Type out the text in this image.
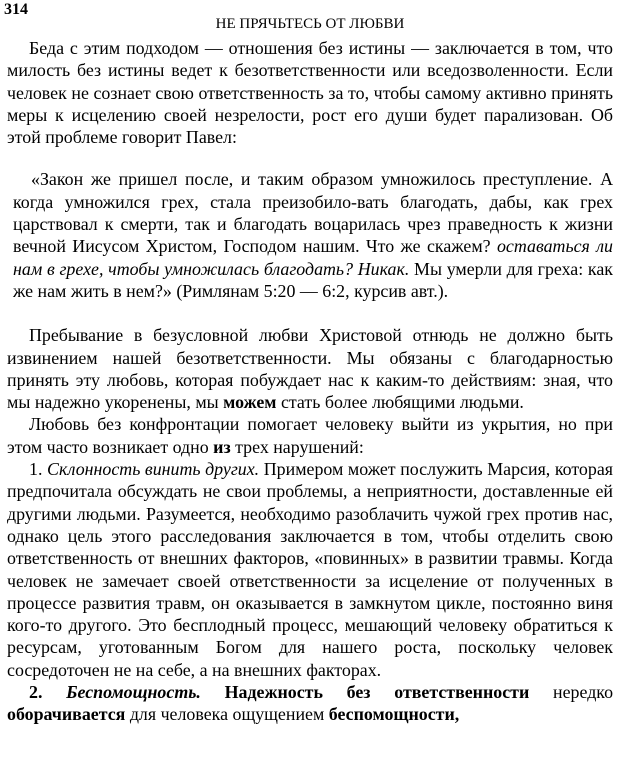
314
НЕ ПРЯЧЬТЕСЬ ОТ ЛЮБВИ

Беда с этим подходом — отношения без истины — заключается в том, что милость без истины ведет к безответственности или вседозволенности. Если человек не сознает свою ответственность за то, чтобы самому активно принять меры к исцелению своей незрелости, рост его души будет парализован. Об этой проблеме говорит Павел:

«Закон же пришел после, и таким образом умножилось преступление. А когда умножился грех, стала преизобило-вать благодать, дабы, как грех царствовал к смерти, так и благодать воцарилась чрез праведность к жизни вечной Иисусом Христом, Господом нашим. Что же скажем? оставаться ли нам в грехе, чтобы умножилась благодать? Никак. Мы умерли для греха: как же нам жить в нем?» (Римлянам 5:20 — 6:2, курсив авт.).

Пребывание в безусловной любви Христовой отнюдь не должно быть извинением нашей безответственности. Мы обязаны с благодарностью принять эту любовь, которая побуждает нас к каким-то действиям: зная, что мы надежно укоренены, мы можем стать более любящими людьми.

Любовь без конфронтации помогает человеку выйти из укрытия, но при этом часто возникает одно из трех нарушений:

1. Склонность винить других. Примером может послужить Марсия, которая предпочитала обсуждать не свои проблемы, а неприятности, доставленные ей другими людьми. Разумеется, необходимо разоблачить чужой грех против нас, однако цель этого расследования заключается в том, чтобы отделить свою ответственность от внешних факторов, «повинных» в развитии травмы. Когда человек не замечает своей ответственности за исцеление от полученных в процессе развития травм, он оказывается в замкнутом цикле, постоянно виня кого-то другого. Это бесплодный процесс, мешающий человеку обратиться к ресурсам, уготованным Богом для нашего роста, поскольку человек сосредоточен не на себе, а на внешних факторах.

2. Беспомощность. Надежность без ответственности нередко оборачивается для человека ощущением беспомощности,
